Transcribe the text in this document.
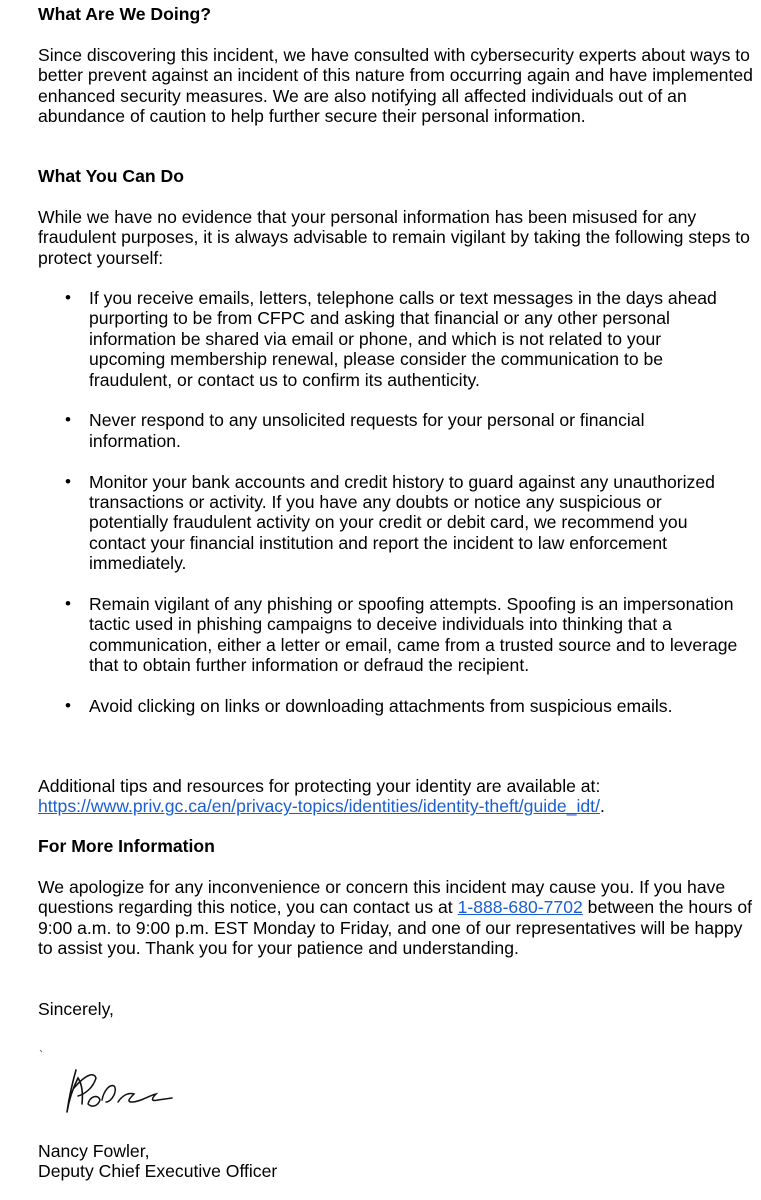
What Are We Doing?

Since discovering this incident, we have consulted with cybersecurity experts about ways to better prevent against an incident of this nature from occurring again and have implemented enhanced security measures. We are also notifying all affected individuals out of an abundance of caution to help further secure their personal information.

What You Can Do

While we have no evidence that your personal information has been misused for any fraudulent purposes, it is always advisable to remain vigilant by taking the following steps to protect yourself:

• If you receive emails, letters, telephone calls or text messages in the days ahead purporting to be from CFPC and asking that financial or any other personal information be shared via email or phone, and which is not related to your upcoming membership renewal, please consider the communication to be fraudulent, or contact us to confirm its authenticity.
• Never respond to any unsolicited requests for your personal or financial information.
• Monitor your bank accounts and credit history to guard against any unauthorized transactions or activity. If you have any doubts or notice any suspicious or potentially fraudulent activity on your credit or debit card, we recommend you contact your financial institution and report the incident to law enforcement immediately.
• Remain vigilant of any phishing or spoofing attempts. Spoofing is an impersonation tactic used in phishing campaigns to deceive individuals into thinking that a communication, either a letter or email, came from a trusted source and to leverage that to obtain further information or defraud the recipient.
• Avoid clicking on links or downloading attachments from suspicious emails.

Additional tips and resources for protecting your identity are available at: https://www.priv.gc.ca/en/privacy-topics/identities/identity-theft/guide_idt/.

For More Information

We apologize for any inconvenience or concern this incident may cause you. If you have questions regarding this notice, you can contact us at 1-888-680-7702 between the hours of 9:00 a.m. to 9:00 p.m. EST Monday to Friday, and one of our representatives will be happy to assist you. Thank you for your patience and understanding.

Sincerely,

Nancy Fowler,

Deputy Chief Executive Officer
